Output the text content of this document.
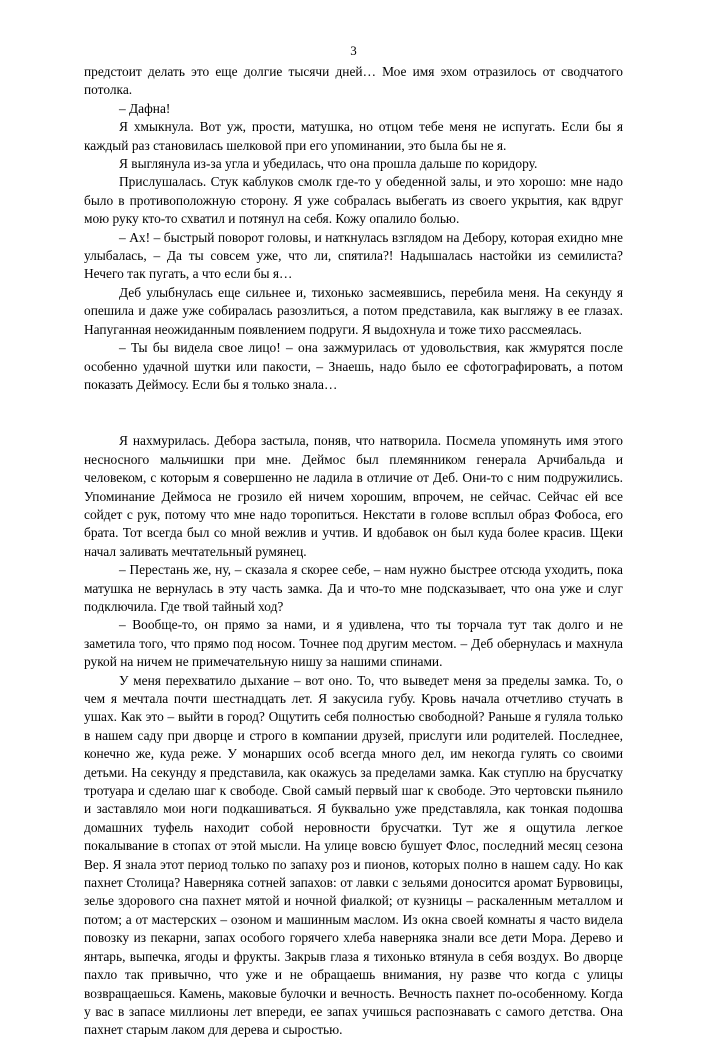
3

предстоит делать это еще долгие тысячи дней… Мое имя эхом отразилось от сводчатого потолка.

– Дафна!

Я хмыкнула. Вот уж, прости, матушка, но отцом тебе меня не испугать. Если бы я каждый раз становилась шелковой при его упоминании, это была бы не я.

Я выглянула из-за угла и убедилась, что она прошла дальше по коридору.

Прислушалась. Стук каблуков смолк где-то у обеденной залы, и это хорошо: мне надо было в противоположную сторону. Я уже собралась выбегать из своего укрытия, как вдруг мою руку кто-то схватил и потянул на себя. Кожу опалило болью.

– Ах! – быстрый поворот головы, и наткнулась взглядом на Дебору, которая ехидно мне улыбалась, – Да ты совсем уже, что ли, спятила?! Надышалась настойки из семилиста? Нечего так пугать, а что если бы я…

Деб улыбнулась еще сильнее и, тихонько засмеявшись, перебила меня. На секунду я опешила и даже уже собиралась разозлиться, а потом представила, как выгляжу в ее глазах. Напуганная неожиданным появлением подруги. Я выдохнула и тоже тихо рассмеялась.

– Ты бы видела свое лицо! – она зажмурилась от удовольствия, как жмурятся после особенно удачной шутки или пакости, – Знаешь, надо было ее сфотографировать, а потом показать Деймосу. Если бы я только знала…

Я нахмурилась. Дебора застыла, поняв, что натворила. Посмела упомянуть имя этого несносного мальчишки при мне. Деймос был племянником генерала Арчибальда и человеком, с которым я совершенно не ладила в отличие от Деб. Они-то с ним подружились. Упоминание Деймоса не грозило ей ничем хорошим, впрочем, не сейчас. Сейчас ей все сойдет с рук, потому что мне надо торопиться. Некстати в голове всплыл образ Фобоса, его брата. Тот всегда был со мной вежлив и учтив. И вдобавок он был куда более красив. Щеки начал заливать мечтательный румянец.

– Перестань же, ну, – сказала я скорее себе, – нам нужно быстрее отсюда уходить, пока матушка не вернулась в эту часть замка. Да и что-то мне подсказывает, что она уже и слуг подключила. Где твой тайный ход?

– Вообще-то, он прямо за нами, и я удивлена, что ты торчала тут так долго и не заметила того, что прямо под носом. Точнее под другим местом. – Деб обернулась и махнула рукой на ничем не примечательную нишу за нашими спинами.

У меня перехватило дыхание – вот оно. То, что выведет меня за пределы замка. То, о чем я мечтала почти шестнадцать лет. Я закусила губу. Кровь начала отчетливо стучать в ушах. Как это – выйти в город? Ощутить себя полностью свободной? Раньше я гуляла только в нашем саду при дворце и строго в компании друзей, прислуги или родителей. Последнее, конечно же, куда реже. У монарших особ всегда много дел, им некогда гулять со своими детьми. На секунду я представила, как окажусь за пределами замка. Как ступлю на брусчатку тротуара и сделаю шаг к свободе. Свой самый первый шаг к свободе. Это чертовски пьянило и заставляло мои ноги подкашиваться. Я буквально уже представляла, как тонкая подошва домашних туфель находит собой неровности брусчатки. Тут же я ощутила легкое покалывание в стопах от этой мысли. На улице вовсю бушует Флос, последний месяц сезона Вер. Я знала этот период только по запаху роз и пионов, которых полно в нашем саду. Но как пахнет Столица? Наверняка сотней запахов: от лавки с зельями доносится аромат Бурвовицы, зелье здорового сна пахнет мятой и ночной фиалкой; от кузницы – раскаленным металлом и потом; а от мастерских – озоном и машинным маслом. Из окна своей комнаты я часто видела повозку из пекарни, запах особого горячего хлеба наверняка знали все дети Мора. Дерево и янтарь, выпечка, ягоды и фрукты. Закрыв глаза я тихонько втянула в себя воздух. Во дворце пахло так привычно, что уже и не обращаешь внимания, ну разве что когда с улицы возвращаешься. Камень, маковые булочки и вечность. Вечность пахнет по-особенному. Когда у вас в запасе миллионы лет впереди, ее запах учишься распознавать с самого детства. Она пахнет старым лаком для дерева и сыростью.
